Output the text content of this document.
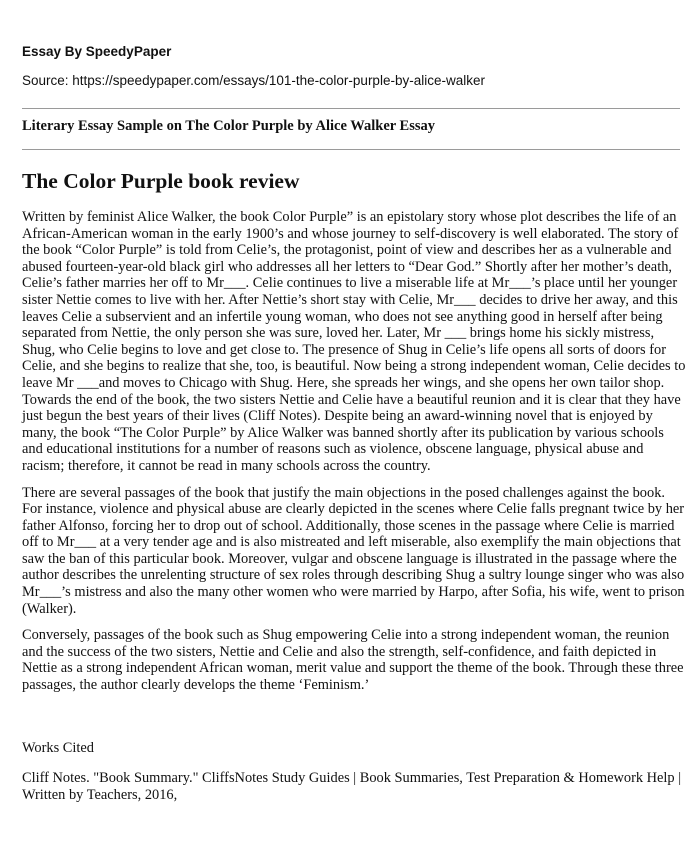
Essay By SpeedyPaper
Source: https://speedypaper.com/essays/101-the-color-purple-by-alice-walker
Literary Essay Sample on The Color Purple by Alice Walker Essay
The Color Purple book review

Written by feminist Alice Walker, the book Color Purple” is an epistolary story whose plot describes the life of an African-American woman in the early 1900’s and whose journey to self-discovery is well elaborated. The story of the book “Color Purple” is told from Celie’s, the protagonist, point of view and describes her as a vulnerable and abused fourteen-year-old black girl who addresses all her letters to “Dear God.” Shortly after her mother’s death, Celie’s father marries her off to Mr___. Celie continues to live a miserable life at Mr___’s place until her younger sister Nettie comes to live with her. After Nettie’s short stay with Celie, Mr___ decides to drive her away, and this leaves Celie a subservient and an infertile young woman, who does not see anything good in herself after being separated from Nettie, the only person she was sure, loved her. Later, Mr ___ brings home his sickly mistress, Shug, who Celie begins to love and get close to. The presence of Shug in Celie’s life opens all sorts of doors for Celie, and she begins to realize that she, too, is beautiful. Now being a strong independent woman, Celie decides to leave Mr ___and moves to Chicago with Shug. Here, she spreads her wings, and she opens her own tailor shop. Towards the end of the book, the two sisters Nettie and Celie have a beautiful reunion and it is clear that they have just begun the best years of their lives (Cliff Notes). Despite being an award-winning novel that is enjoyed by many, the book “The Color Purple” by Alice Walker was banned shortly after its publication by various schools and educational institutions for a number of reasons such as violence, obscene language, physical abuse and racism; therefore, it cannot be read in many schools across the country.

There are several passages of the book that justify the main objections in the posed challenges against the book. For instance, violence and physical abuse are clearly depicted in the scenes where Celie falls pregnant twice by her father Alfonso, forcing her to drop out of school. Additionally, those scenes in the passage where Celie is married off to Mr___ at a very tender age and is also mistreated and left miserable, also exemplify the main objections that saw the ban of this particular book. Moreover, vulgar and obscene language is illustrated in the passage where the author describes the unrelenting structure of sex roles through describing Shug a sultry lounge singer who was also Mr___’s mistress and also the many other women who were married by Harpo, after Sofia, his wife, went to prison (Walker).

Conversely, passages of the book such as Shug empowering Celie into a strong independent woman, the reunion and the success of the two sisters, Nettie and Celie and also the strength, self-confidence, and faith depicted in Nettie as a strong independent African woman, merit value and support the theme of the book. Through these three passages, the author clearly develops the theme ‘Feminism.’

Works Cited

Cliff Notes. "Book Summary." CliffsNotes Study Guides | Book Summaries, Test Preparation & Homework Help | Written by Teachers, 2016,
